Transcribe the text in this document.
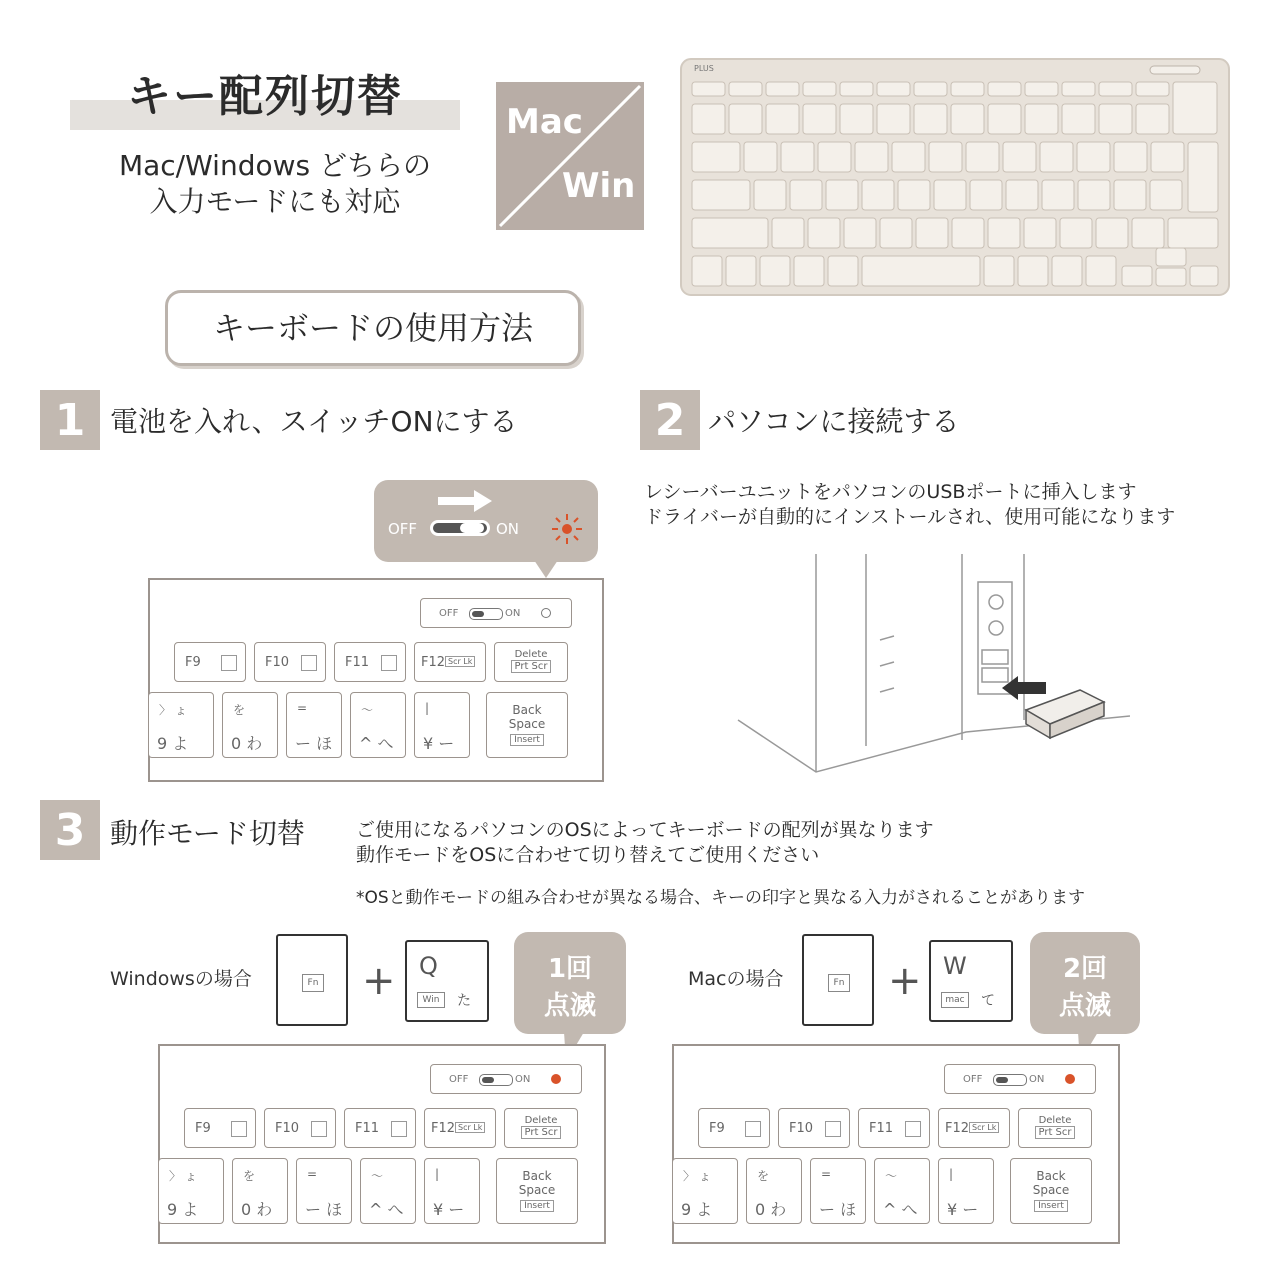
キー配列切替
Mac/Windows どちらの
入力モードにも対応
Mac
Win
PLUS
キーボードの使用方法
1 電池を入れ、スイッチONにする
OFF	ON
OFF	ON
F9	F10	F11	F12 Scr Lk
Delete
Prt Scr
〉 ょ
9 よ
を
0 わ
=
ー ほ
～
^ へ
|
¥ ー
Back
Space
Insert
2 パソコンに接続する
レシーバーユニットをパソコンのUSBポートに挿入します
ドライバーが自動的にインストールされ、使用可能になります
3 動作モード切替	ご使用になるパソコンのOSによってキーボードの配列が異なります
動作モードをOSに合わせて切り替えてご使用ください
*OSと動作モードの組み合わせが異なる場合、キーの印字と異なる入力がされることがあります
Windowsの場合	Fn + Q
Win	た
1回
点滅
OFF	ON
F9	F10	F11	F12 Scr Lk
Delete
Prt Scr
〉 ょ
9 よ
を
0 わ
=
ー ほ
～
^ へ
|
¥ ー
Back
Space
Insert
Macの場合	Fn + W
mac	て
2回
点滅
OFF	ON
F9	F10	F11	F12 Scr Lk
Delete
Prt Scr
〉 ょ
9 よ
を
0 わ
=
ー ほ
～
^ へ
|
¥ ー
Back
Space
Insert
